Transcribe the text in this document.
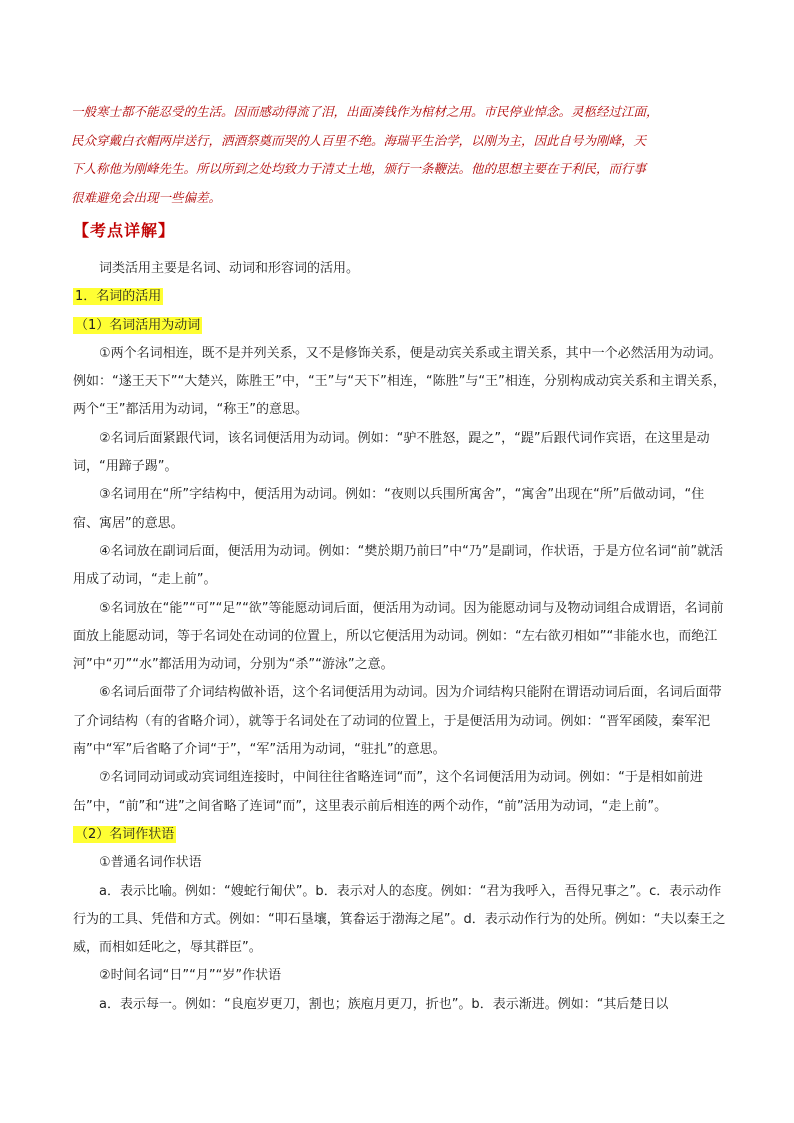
一般寒士都不能忍受的生活。因而感动得流了泪，出面凑钱作为棺材之用。市民停业悼念。灵柩经过江面，
民众穿戴白衣帽两岸送行，洒酒祭奠而哭的人百里不绝。海瑞平生治学，以刚为主，因此自号为刚峰，天
下人称他为刚峰先生。所以所到之处均致力于清丈土地，颁行一条鞭法。他的思想主要在于利民，而行事
很难避免会出现一些偏差。
【考点详解】

词类活用主要是名词、动词和形容词的活用。

1．名词的活用

（1）名词活用为动词

①两个名词相连，既不是并列关系，又不是修饰关系，便是动宾关系或主谓关系，其中一个必然活用为动词。例如：“遂王天下”“大楚兴，陈胜王”中，“王”与“天下”相连，“陈胜”与“王”相连，分别构成动宾关系和主谓关系，两个“王”都活用为动词，“称王”的意思。

②名词后面紧跟代词，该名词便活用为动词。例如：“驴不胜怒，踶之”，“踶”后跟代词作宾语，在这里是动词，“用蹄子踢”。

③名词用在“所”字结构中，便活用为动词。例如：“夜则以兵围所寓舍”，“寓舍”出现在“所”后做动词，“住宿、寓居”的意思。

④名词放在副词后面，便活用为动词。例如：“樊於期乃前曰”中“乃”是副词，作状语，于是方位名词“前”就活用成了动词，“走上前”。

⑤名词放在“能”“可”“足”“欲”等能愿动词后面，便活用为动词。因为能愿动词与及物动词组合成谓语，名词前面放上能愿动词，等于名词处在动词的位置上，所以它便活用为动词。例如：“左右欲刃相如”“非能水也，而绝江河”中“刃”“水”都活用为动词，分别为“杀”“游泳”之意。

⑥名词后面带了介词结构做补语，这个名词便活用为动词。因为介词结构只能附在谓语动词后面，名词后面带了介词结构（有的省略介词），就等于名词处在了动词的位置上，于是便活用为动词。例如：“晋军函陵，秦军汜南”中“军”后省略了介词“于”，“军”活用为动词，“驻扎”的意思。

⑦名词同动词或动宾词组连接时，中间往往省略连词“而”，这个名词便活用为动词。例如：“于是相如前进缶”中，“前”和“进”之间省略了连词“而”，这里表示前后相连的两个动作，“前”活用为动词，“走上前”。

（2）名词作状语

①普通名词作状语

a．表示比喻。例如：“嫂蛇行匍伏”。b．表示对人的态度。例如：“君为我呼入，吾得兄事之”。c．表示动作行为的工具、凭借和方式。例如：“叩石垦壤，箕畚运于渤海之尾”。d．表示动作行为的处所。例如：“夫以秦王之威，而相如廷叱之，辱其群臣”。

②时间名词“日”“月”“岁”作状语

a．表示每一。例如：“良庖岁更刀，割也；族庖月更刀，折也”。b．表示渐进。例如：“其后楚日以
